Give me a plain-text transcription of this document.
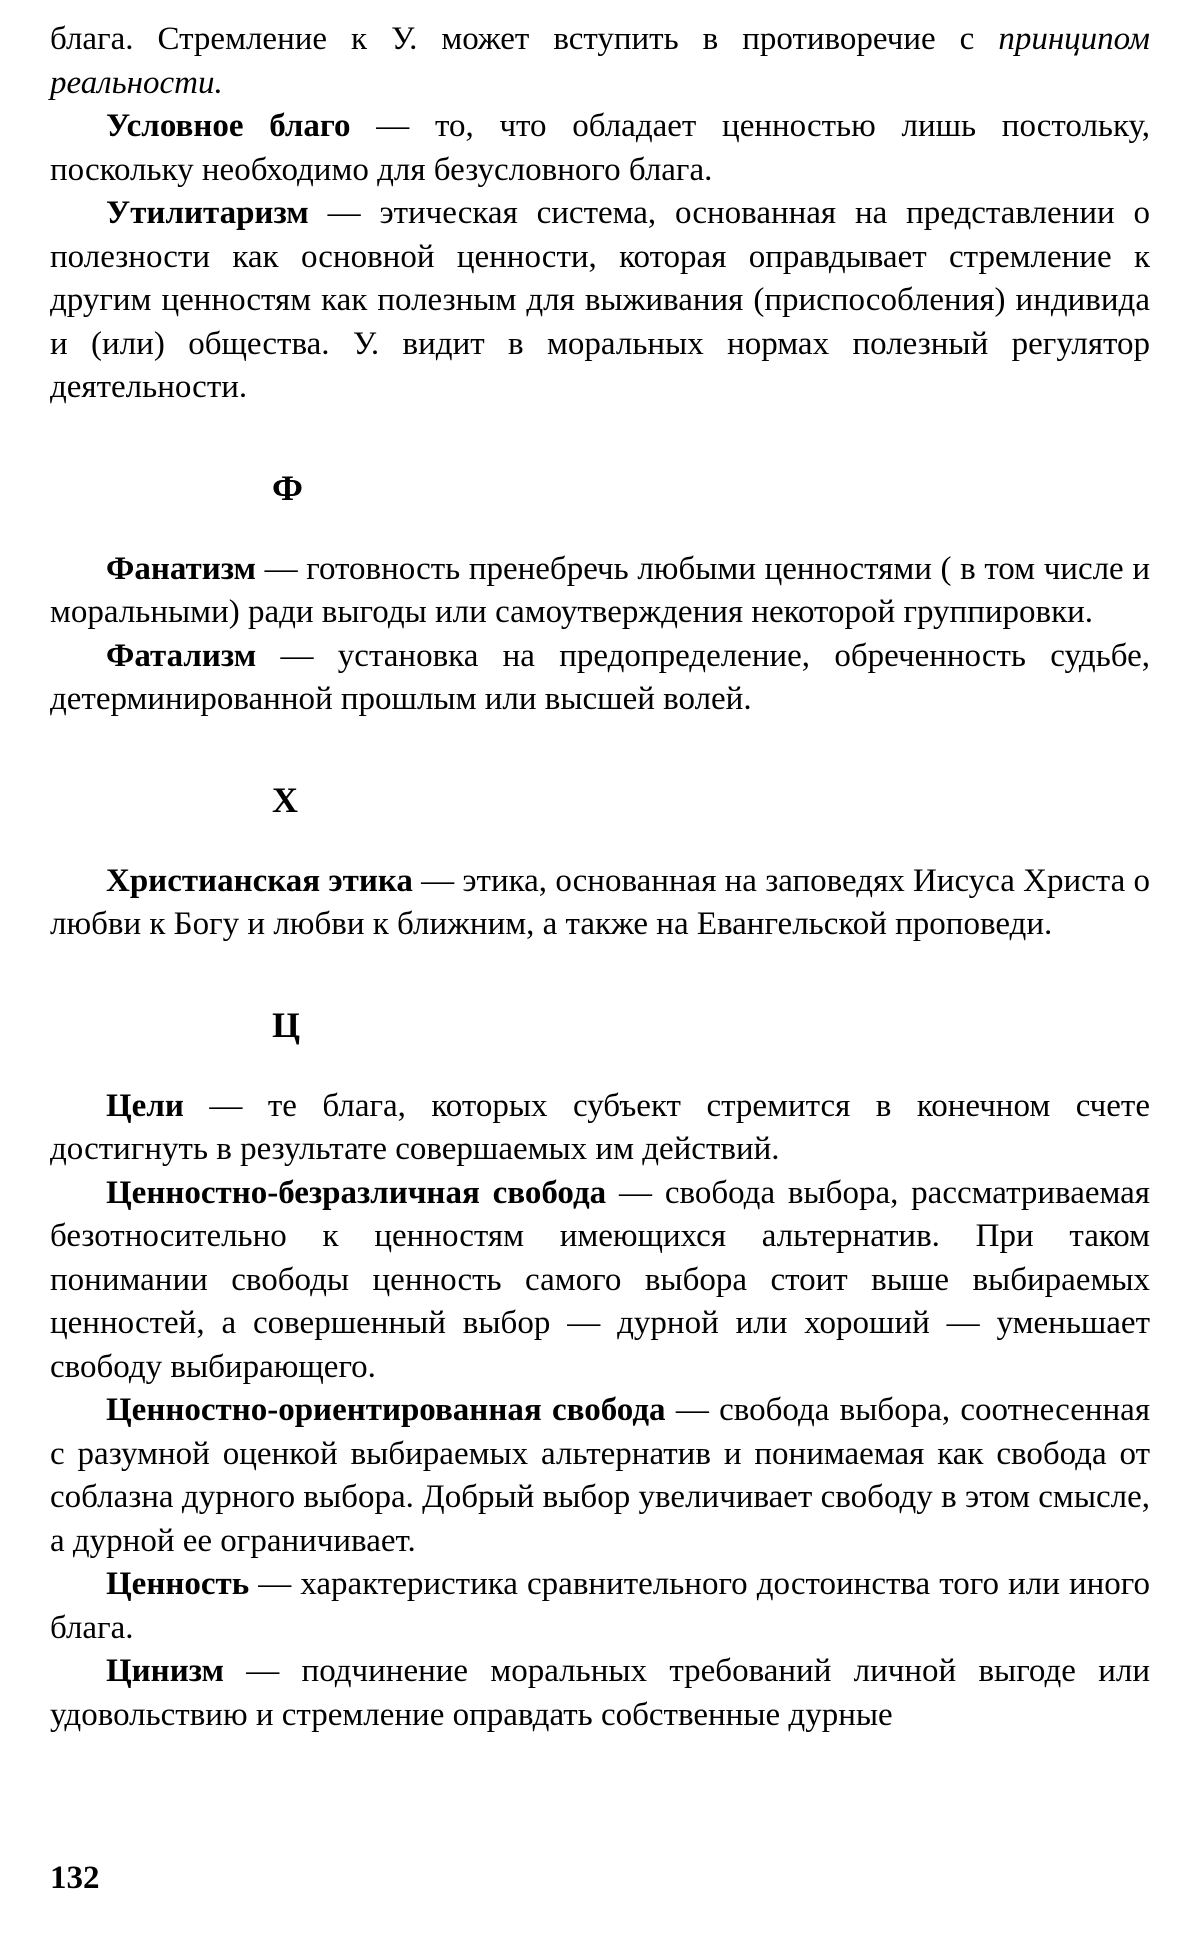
блага. Стремление к У. может вступить в противоречие с принципом реальности.

Условное благо — то, что обладает ценностью лишь постольку, поскольку необходимо для безусловного блага.

Утилитаризм — этическая система, основанная на представлении о полезности как основной ценности, которая оправдывает стремление к другим ценностям как полезным для выживания (приспособления) индивида и (или) общества. У. видит в моральных нормах полезный регулятор деятельности.

Ф

Фанатизм — готовность пренебречь любыми ценностями ( в том числе и моральными) ради выгоды или самоутверждения некоторой группировки.

Фатализм — установка на предопределение, обреченность судьбе, детерминированной прошлым или высшей волей.

Х

Христианская этика — этика, основанная на заповедях Иисуса Христа о любви к Богу и любви к ближним, а также на Евангельской проповеди.

Ц

Цели — те блага, которых субъект стремится в конечном счете достигнуть в результате совершаемых им действий.

Ценностно-безразличная свобода — свобода выбора, рассматриваемая безотносительно к ценностям имеющихся альтернатив. При таком понимании свободы ценность самого выбора стоит выше выбираемых ценностей, а совершенный выбор — дурной или хороший — уменьшает свободу выбирающего.

Ценностно-ориентированная свобода — свобода выбора, соотнесенная с разумной оценкой выбираемых альтернатив и понимаемая как свобода от соблазна дурного выбора. Добрый выбор увеличивает свободу в этом смысле, а дурной ее ограничивает.

Ценность — характеристика сравнительного достоинства того или иного блага.

Цинизм — подчинение моральных требований личной выгоде или удовольствию и стремление оправдать собственные дурные

132
